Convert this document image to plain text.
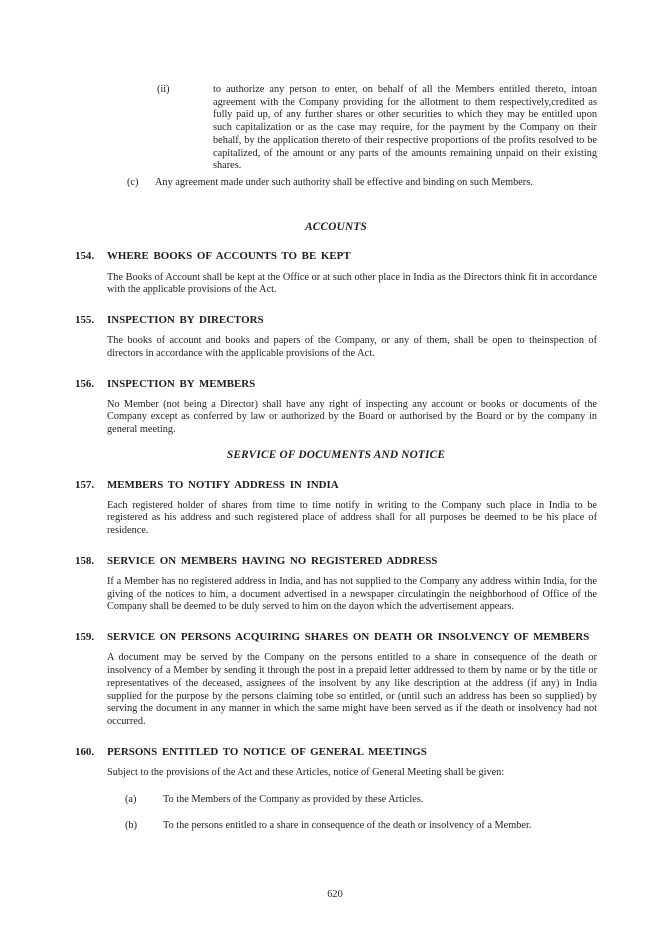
(ii)	to authorize any person to enter, on behalf of all the Members entitled thereto, intoan agreement with the Company providing for the allotment to them respectively,credited as fully paid up, of any further shares or other securities to which they may be entitled upon such capitalization or as the case may require, for the payment by the Company on their behalf, by the application thereto of their respective proportions of the profits resolved to be capitalized, of the amount or any parts of the amounts remaining unpaid on their existing shares.
(c)	Any agreement made under such authority shall be effective and binding on such Members.
ACCOUNTS
154.	WHERE BOOKS OF ACCOUNTS TO BE KEPT
The Books of Account shall be kept at the Office or at such other place in India as the Directors think fit in accordance with the applicable provisions of the Act.
155.	INSPECTION BY DIRECTORS
The books of account and books and papers of the Company, or any of them, shall be open to theinspection of directors in accordance with the applicable provisions of the Act.
156.	INSPECTION BY MEMBERS
No Member (not being a Director) shall have any right of inspecting any account or books or documents of the Company except as conferred by law or authorized by the Board or authorised by the Board or by the company in general meeting.
SERVICE OF DOCUMENTS AND NOTICE
157.	MEMBERS TO NOTIFY ADDRESS IN INDIA
Each registered holder of shares from time to time notify in writing to the Company such place in India to be registered as his address and such registered place of address shall for all purposes be deemed to be his place of residence.
158.	SERVICE ON MEMBERS HAVING NO REGISTERED ADDRESS
If a Member has no registered address in India, and has not supplied to the Company any address within India, for the giving of the notices to him, a document advertised in a newspaper circulatingin the neighborhood of Office of the Company shall be deemed to be duly served to him on the dayon which the advertisement appears.
159.	SERVICE ON PERSONS ACQUIRING SHARES ON DEATH OR INSOLVENCY OF MEMBERS
A document may be served by the Company on the persons entitled to a share in consequence of the death or insolvency of a Member by sending it through the post in a prepaid letter addressed to them by name or by the title or representatives of the deceased, assignees of the insolvent by any like description at the address (if any) in India supplied for the purpose by the persons claiming tobe so entitled, or (until such an address has been so supplied) by serving the document in any manner in which the same might have been served as if the death or insolvency had not occurred.
160.	PERSONS ENTITLED TO NOTICE OF GENERAL MEETINGS
Subject to the provisions of the Act and these Articles, notice of General Meeting shall be given:
(a)	To the Members of the Company as provided by these Articles.
(b)	To the persons entitled to a share in consequence of the death or insolvency of a Member.
620
